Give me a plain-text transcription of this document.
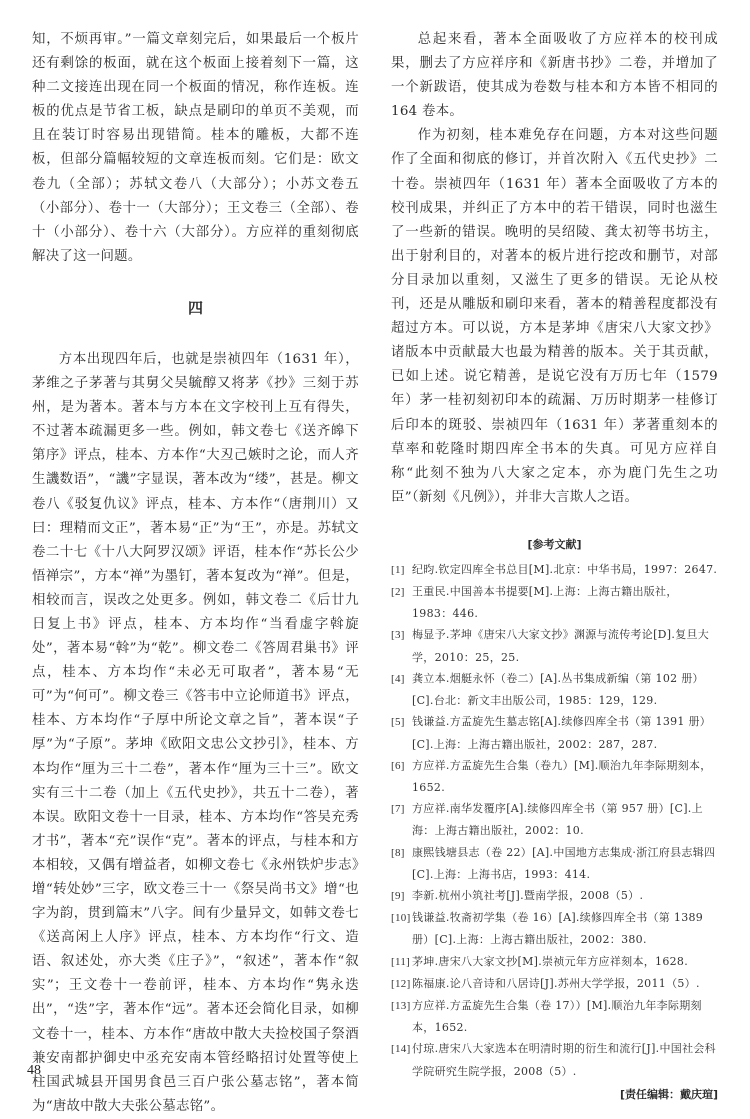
知，不烦再审。”一篇文章刻完后，如果最后一个板片还有剩馀的板面，就在这个板面上接着刻下一篇，这种二文接连出现在同一个板面的情况，称作连板。连板的优点是节省工板，缺点是刷印的单页不美观，而且在装订时容易出现错简。桂本的雕板，大都不连板，但部分篇幅较短的文章连板而刻。它们是：欧文卷九（全部）；苏轼文卷八（大部分）；小苏文卷五（小部分）、卷十一（大部分）；王文卷三（全部）、卷十（小部分）、卷十六（大部分）。方应祥的重刻彻底解决了这一问题。

四

方本出现四年后，也就是崇祯四年（1631 年），茅维之子茅著与其舅父吴毓醇又将茅《抄》三刻于苏州，是为著本。著本与方本在文字校刊上互有得失，不过著本疏漏更多一些。例如，韩文卷七《送齐皞下第序》评点，桂本、方本作“大丒己嫉时之论，而人齐生譏数语”，“譏”字显误，著本改为“缕”，甚是。柳文卷八《驳复仇议》评点，桂本、方本作“（唐荆川）又曰：理精而文正”，著本易“正”为“王”，亦是。苏轼文卷二十七《十八大阿罗汉颂》评语，桂本作“苏长公少悟禅宗”，方本“禅”为墨钉，著本复改为“禅”。但是，相较而言，误改之处更多。例如，韩文卷二《后廿九日复上书》评点，桂本、方本均作“当看虚字斡旋处”，著本易“斡”为“乾”。柳文卷二《答周君巢书》评点，桂本、方本均作“未必无可取者”，著本易“无可”为“何可”。柳文卷三《答韦中立论师道书》评点，桂本、方本均作“子厚中所论文章之旨”，著本误“子厚”为“子原”。茅坤《欧阳文忠公文抄引》，桂本、方本均作“厘为三十二卷”，著本作“厘为三十三”。欧文实有三十二卷（加上《五代史抄》，共五十二卷），著本误。欧阳文卷十一目录，桂本、方本均作“答吴充秀才书”，著本“充”误作“克”。著本的评点，与桂本和方本相较，又偶有增益者，如柳文卷七《永州铁炉步志》增“转处妙”三字，欧文卷三十一《祭吴尚书文》增“也字为韵，贯到篇末”八字。间有少量异文，如韩文卷七《送高闲上人序》评点，桂本、方本均作“行文、造语、叙述处，亦大类《庄子》”，“叙述”，著本作“叙实”；王文卷十一卷前评，桂本、方本均作“隽永迭出”，“迭”字，著本作“远”。著本还会简化目录，如柳文卷十一，桂本、方本作“唐故中散大夫捡校国子祭酒兼安南都护御史中丞充安南本管经略招讨处置等使上柱国武城县开国男食邑三百户张公墓志铭”，著本简为“唐故中散大夫张公墓志铭”。

总起来看，著本全面吸收了方应祥本的校刊成果，删去了方应祥序和《新唐书抄》二卷，并增加了一个新跋语，使其成为卷数与桂本和方本皆不相同的 164 卷本。

作为初刻，桂本难免存在问题，方本对这些问题作了全面和彻底的修订，并首次附入《五代史抄》二十卷。崇祯四年（1631 年）著本全面吸收了方本的校刊成果，并纠正了方本中的若干错误，同时也滋生了一些新的错误。晚明的吴绍陵、龚太初等书坊主，出于射利目的，对著本的板片进行挖改和删节，对部分目录加以重刻，又滋生了更多的错误。无论从校刊，还是从雕版和刷印来看，著本的精善程度都没有超过方本。可以说，方本是茅坤《唐宋八大家文抄》诸版本中贡献最大也最为精善的版本。关于其贡献，已如上述。说它精善，是说它没有万历七年（1579 年）茅一桂初刻初印本的疏漏、万历时期茅一桂修订后印本的斑驳、崇祯四年（1631 年）茅著重刻本的草率和乾隆时期四库全书本的失真。可见方应祥自称“此刻不独为八大家之定本，亦为鹿门先生之功臣”（新刻《凡例》），并非大言欺人之语。

[参考文献]

[1] 纪昀.钦定四库全书总目[M].北京：中华书局，1997：2647.

[2] 王重民.中国善本书提要[M].上海：上海古籍出版社，1983：446.

[3] 梅显予.茅坤《唐宋八大家文抄》渊源与流传考论[D].复旦大学，2010：25，25.

[4] 龚立本.烟艇永怀（卷二）[A].丛书集成新编（第 102 册）[C].台北：新文丰出版公司，1985：129，129.

[5] 钱谦益.方孟旋先生墓志铭[A].续修四库全书（第 1391 册）[C].上海：上海古籍出版社，2002：287，287.

[6] 方应祥.方孟旋先生合集（卷九）[M].顺治九年李际期刻本，1652.

[7] 方应祥.南华发覆序[A].续修四库全书（第 957 册）[C].上海：上海古籍出版社，2002：10.

[8] 康熙钱塘县志（卷 22）[A].中国地方志集成·浙江府县志辑四[C].上海：上海书店，1993：414.

[9] 李新.杭州小筑社考[J].暨南学报，2008（5）.

[10]钱谦益.牧斋初学集（卷 16）[A].续修四库全书（第 1389 册）[C].上海：上海古籍出版社，2002：380.

[11] 茅坤.唐宋八大家文抄[M].崇祯元年方应祥刻本，1628.

[12]陈福康.论八音诗和八居诗[J].苏州大学学报，2011（5）.

[13]方应祥.方孟旋先生合集（卷 17））[M].顺治九年李际期刻本，1652.

[14]付琼.唐宋八大家选本在明清时期的衍生和流行[J].中国社会科学院研究生院学报，2008（5）.

[责任编辑：戴庆瑄]
48
